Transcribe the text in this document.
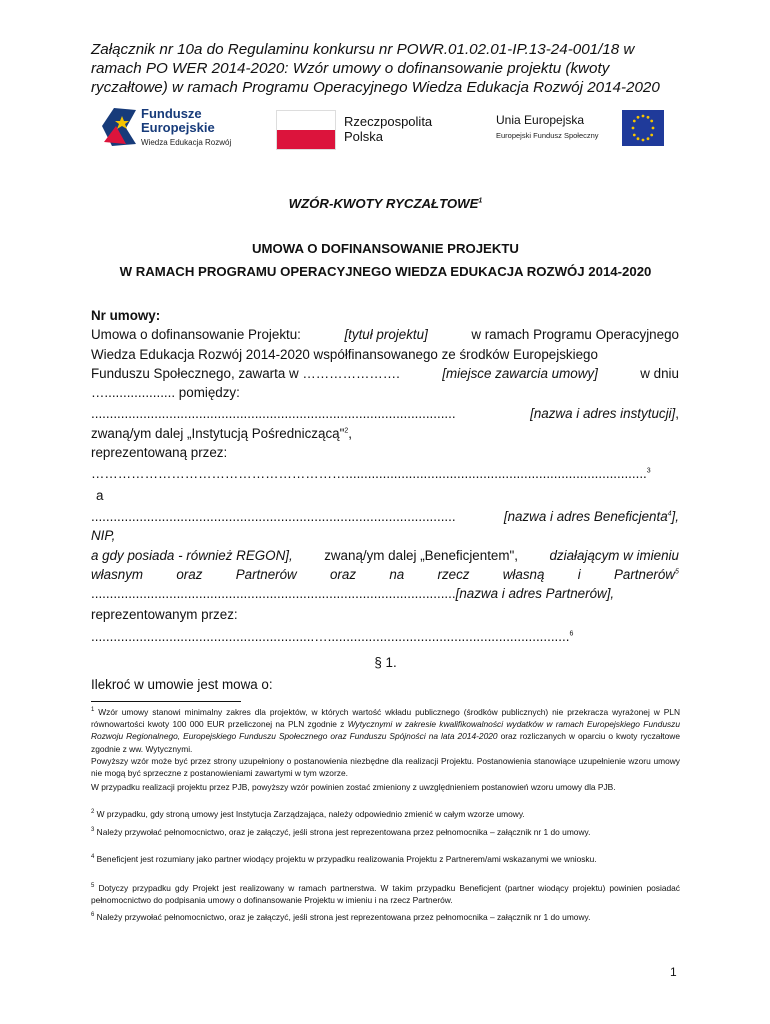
Załącznik nr 10a do Regulaminu konkursu nr POWR.01.02.01-IP.13-24-001/18 w
ramach PO WER 2014-2020: Wzór umowy o dofinansowanie projektu (kwoty
ryczałtowe) w ramach Programu Operacyjnego Wiedza Edukacja Rozwój 2014-2020
Fundusze
Europejskie
Wiedza Edukacja Rozwój
Rzeczpospolita
Polska
Unia Europejska
Europejski Fundusz Społeczny
WZÓR-KWOTY RYCZAŁTOWE$^1$
UMOWA O DOFINANSOWANIE PROJEKTU
W RAMACH PROGRAMU OPERACYJNEGO WIEDZA EDUKACJA ROZWÓJ 2014-2020
Nr umowy:
Umowa o dofinansowanie Projektu:	[tytuł projektu]	w ramach Programu Operacyjnego
Wiedza Edukacja Rozwój 2014-2020 współfinansowanego ze środków Europejskiego
Funduszu Społecznego, zawarta w ………………….	[miejsce zawarcia umowy]	w dniu
…................... pomiędzy:
..................................................................................................	[nazwa i adres instytucji],
zwaną/ym dalej „Instytucją Pośredniczącą"$^2$,
reprezentowaną przez:
………………………………………………….................................................................................$^3$
a
..................................................................................................	[nazwa i adres Beneficjenta$^4$],
NIP,
a gdy posiada - również REGON], zwaną/ym dalej „Beneficjentem", działającym w imieniu
własnym oraz Partnerów oraz na rzecz własną i Partnerów$^5$
..................................................................................................[nazwa i adres Partnerów],
reprezentowanym przez:
............................................................….................................................................$^6$
§ 1.
Ilekroć w umowie jest mowa o:
$^1$ Wzór umowy stanowi minimalny zakres dla projektów, w których wartość wkładu publicznego (środków publicznych) nie przekracza wyrażonej w PLN równowartości kwoty 100 000 EUR przeliczonej na PLN zgodnie z Wytycznymi w zakresie kwalifikowalności wydatków w ramach Europejskiego Funduszu Rozwoju Regionalnego, Europejskiego Funduszu Społecznego oraz Funduszu Spójności na lata 2014-2020 oraz rozliczanych w oparciu o kwoty ryczałtowe zgodnie z ww. Wytycznymi.
Powyższy wzór może być przez strony uzupełniony o postanowienia niezbędne dla realizacji Projektu. Postanowienia stanowiące uzupełnienie wzoru umowy nie mogą być sprzeczne z postanowieniami zawartymi w tym wzorze.
W przypadku realizacji projektu przez PJB, powyższy wzór powinien zostać zmieniony z uwzględnieniem postanowień wzoru umowy dla PJB.
$^2$ W przypadku, gdy stroną umowy jest Instytucja Zarządzająca, należy odpowiednio zmienić w całym wzorze umowy.
$^3$ Należy przywołać pełnomocnictwo, oraz je załączyć, jeśli strona jest reprezentowana przez pełnomocnika – załącznik nr 1 do umowy.
$^4$ Beneficjent jest rozumiany jako partner wiodący projektu w przypadku realizowania Projektu z Partnerem/ami wskazanymi we wniosku.
$^5$ Dotyczy przypadku gdy Projekt jest realizowany w ramach partnerstwa. W takim przypadku Beneficjent (partner wiodący projektu) powinien posiadać pełnomocnictwo do podpisania umowy o dofinansowanie Projektu w imieniu i na rzecz Partnerów.
$^6$ Należy przywołać pełnomocnictwo, oraz je załączyć, jeśli strona jest reprezentowana przez pełnomocnika – załącznik nr 1 do umowy.
1
